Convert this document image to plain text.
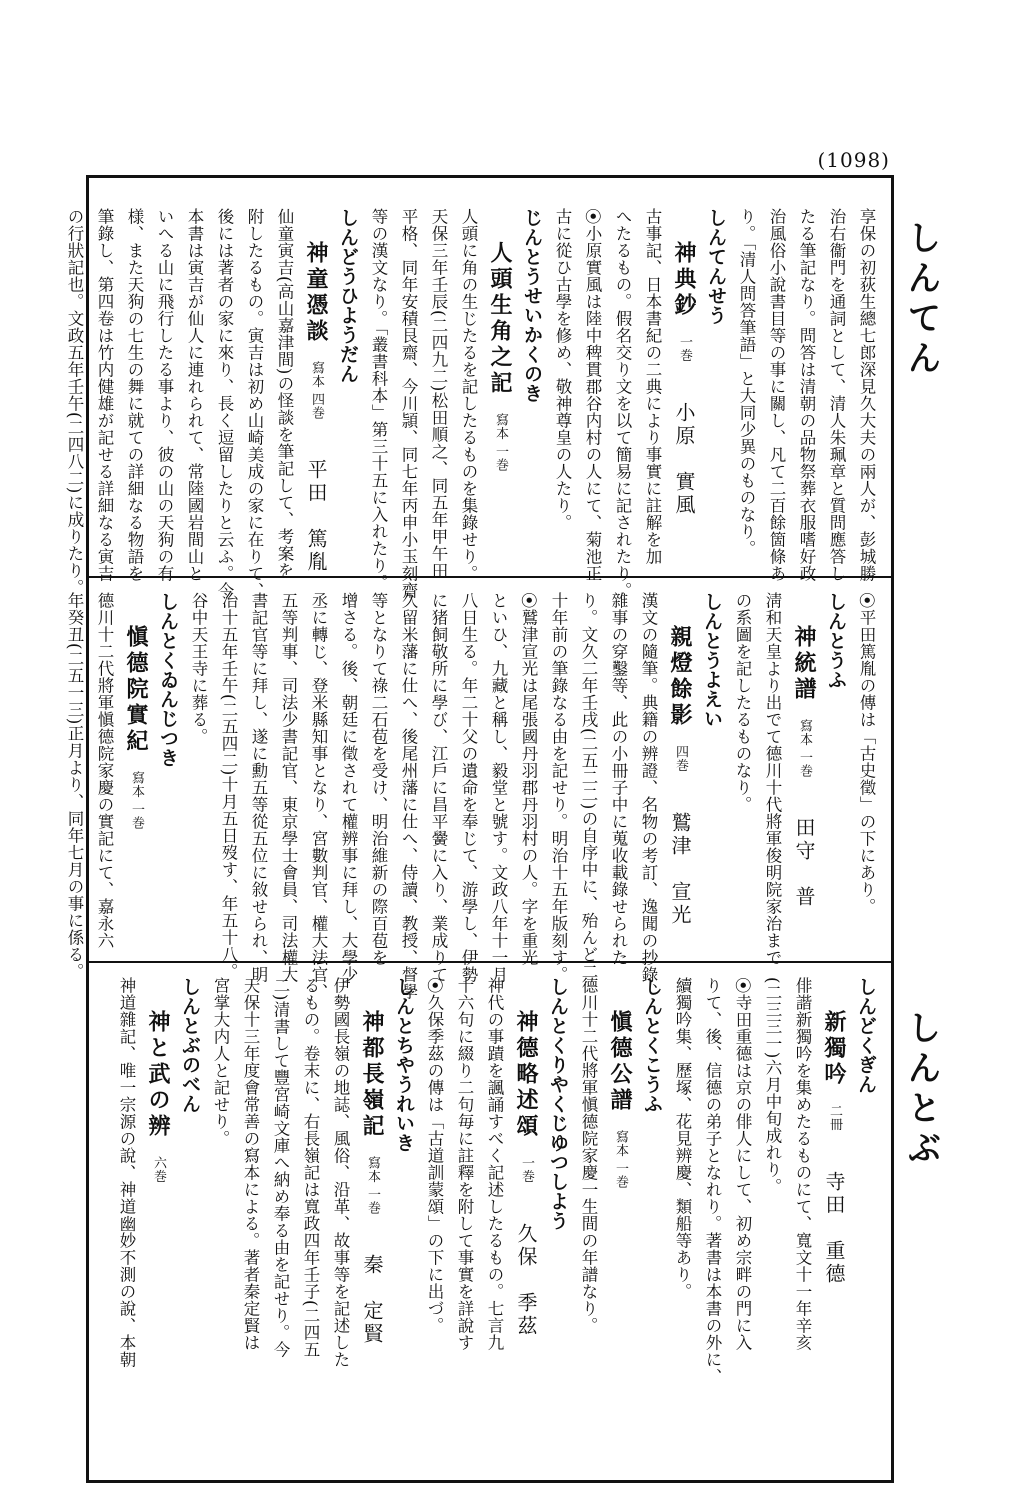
(1098)
しんてん
しんとぶ
享保の初荻生總七郎深見久大夫の兩人が、彭城勝
治右衞門を通詞として、清人朱珮章と質問應答し
たる筆記なり。問答は清朝の品物祭葬衣服嗜好政
治風俗小說書目等の事に關し、凡て二百餘箇條あ
り。「清人問答筆語」と大同少異のものなり。
しんてんせう
神典鈔一巻小原　實風
古事記、日本書紀の二典により事實に註解を加
へたるもの。假名交り文を以て簡易に記されたり。
⦿小原實風は陸中稗貫郡谷内村の人にて、菊池正
古に從ひ古學を修め、敬神尊皇の人たり。
じんとうせいかくのき
人頭生角之記寫本 一巻
人頭に角の生じたるを記したるものを集錄せり。
天保三年壬辰(二四九二)松田順之、同五年甲午田
平格、同年安積艮齋、今川頴、同七年丙申小玉刻齋
等の漢文なり。「叢書科本」第三十五に入れたり。
しんどうひようだん
神童憑談寫本 四巻平田　篤胤
仙童寅吉(高山嘉津間)の怪談を筆記して、考案を
附したるもの。寅吉は初め山崎美成の家に在りて、
後には著者の家に來り、長く逗留したりと云ふ。今
本書は寅吉が仙人に連れられて、常陸國岩間山と
いへる山に飛行したる事より、彼の山の天狗の有
様、また天狗の七生の舞に就ての詳細なる物語を
筆錄し、第四卷は竹内健雄が記せる詳細なる寅吉
の行狀記也。文政五年壬午(二四八二)に成りたり。
⦿平田篤胤の傳は「古史徵」の下にあり。
しんとうふ
神統譜寫本 一巻田守　普
淸和天皇より出でて德川十代將軍俊明院家治まで
の系圖を記したるものなり。
しんとうよえい
親燈餘影四巻鷲津　宣光
漢文の隨筆。典籍の辨證、名物の考訂、逸聞の抄錄、
雜事の穿鑿等、此の小冊子中に蒐收載錄せられた
り。文久二年壬戌(二五二二)の自序中に、殆んど二
十年前の筆錄なる由を記せり。明治十五年版刻す。
⦿鷲津宣光は尾張國丹羽郡丹羽村の人。字を重光
といひ、九藏と稱し、毅堂と號す。文政八年十一月
八日生る。年二十父の遺命を奉じて、游學し、伊勢
に猪飼敬所に學び、江戶に昌平黌に入り、業成りて
久留米藩に仕へ、後尾州藩に仕へ、侍讀、教授、督學
等となりて祿二石苞を受け、明治維新の際百苞を
增さる。後、朝廷に徵されて權辨事に拜し、大學少
丞に轉じ、登米縣知事となり、宮數判官、權大法官、
五等判事、司法少書記官、東京學士會員、司法權大
書記官等に拜し、遂に勳五等從五位に敘せられ、明
治十五年壬午(二五四二)十月五日歿す、年五十八。
谷中天王寺に葬る。
しんとくゐんじつき
愼德院實紀寫本 一巻
德川十二代將軍愼德院家慶の實記にて、嘉永六
年癸丑(二五一三)正月より、同年七月の事に係る。
しんどくぎん
新獨吟二冊寺田　重德
俳諧新獨吟を集めたるものにて、寬文十一年辛亥
(二三三一)六月中旬成れり。
⦿寺田重德は京の俳人にして、初め宗畔の門に入
りて、後、信德の弟子となれり。著書は本書の外に、
續獨吟集、歷塚、花見辨慶、類船等あり。
しんとくこうふ
愼德公譜寫本 一巻
德川十二代將軍愼德院家慶一生間の年譜なり。
しんとくりやくじゆつしよう
神德略述頌一巻久保　季茲
神代の事蹟を諷誦すべく記述したるもの。七言九
十六句に綴り二句毎に註釋を附して事實を詳說す
⦿久保季茲の傳は「古道訓蒙頌」の下に出づ。
しんとちやうれいき
神都長嶺記寫本 一巻秦　定賢
伊勢國長嶺の地誌、風俗、沿革、故事等を記述した
るもの。卷末に、右長嶺記は寬政四年壬子(二四五
二)清書して豐宮崎文庫へ納め奉る由を記せり。今
天保十三年度會常善の寫本による。著者秦定賢は
宮掌大内人と記せり。
しんとぶのべん
神と武の辨六巻
神道雜記、唯一宗源の說、神道幽妙不測の說、本朝
